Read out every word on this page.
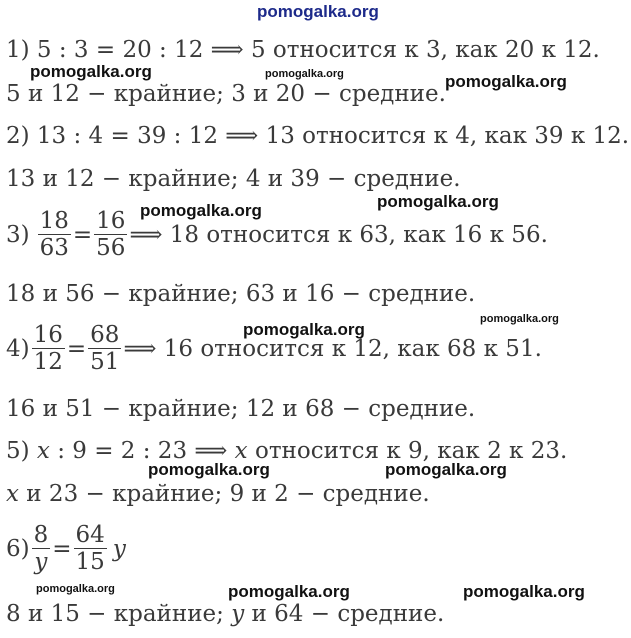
pomogalka.org
1) 5 : 3 = 20 : 12 ⟹ 5 относится к 3, как 20 к 12.
pomogalka.org	pomogalka.org	pomogalka.org
5 и 12 − крайние; 3 и 20 − средние.
2) 13 : 4 = 39 : 12 ⟹ 13 относится к 4, как 39 к 12.
13 и 12 − крайние; 4 и 39 − средние.
pomogalka.org
pomogalka.org
$3) \frac{18}{63} = \frac{16}{56}$ ⟹ 18 относится к 63, как 16 к 56.
18 и 56 − крайние; 63 и 16 − средние.
pomogalka.org
pomogalka.org
$4) \frac{16}{12} = \frac{68}{51}$ ⟹ 16 относится к 12, как 68 к 51.
16 и 51 − крайние; 12 и 68 − средние.
5) x : 9 = 2 : 23 ⟹ x относится к 9, как 2 к 23.
pomogalka.org	pomogalka.org
x и 23 − крайние; 9 и 2 − средние.
$6) \frac{8}{y} = \frac{64}{15}$ y
pomogalka.org	pomogalka.org	pomogalka.org
8 и 15 − крайние; y и 64 − средние.
